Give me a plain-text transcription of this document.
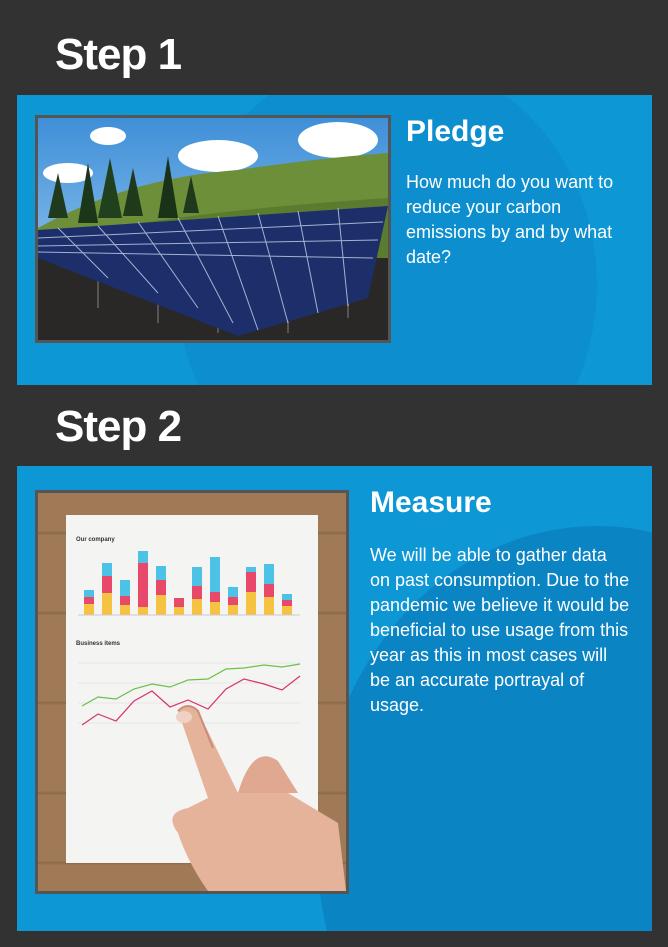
Step 1
Pledge

How much do you want to reduce your carbon emissions by and by what date?

Step 2
Our company
Business items
Measure

We will be able to gather data on past consumption. Due to the pandemic we believe it would be beneficial to use usage from this year as this in most cases will be an accurate portrayal of usage.
